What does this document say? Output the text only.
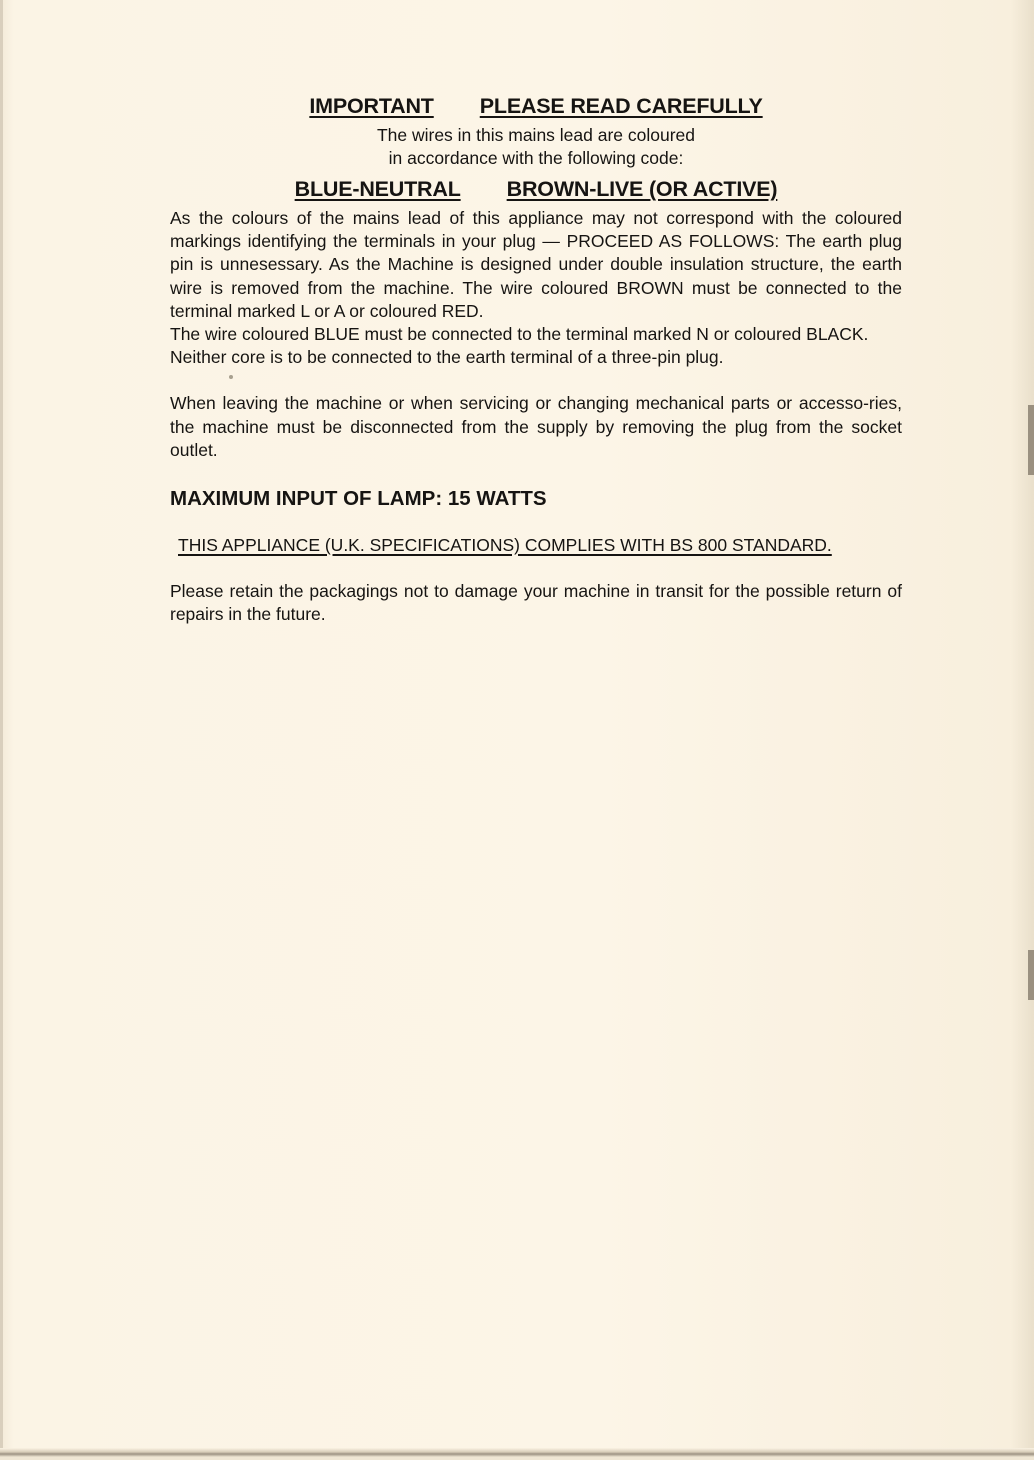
IMPORTANT PLEASE READ CAREFULLY
The wires in this mains lead are coloured
in accordance with the following code:
BLUE-NEUTRAL BROWN-LIVE (OR ACTIVE)

As the colours of the mains lead of this appliance may not correspond with the coloured markings identifying the terminals in your plug — PROCEED AS FOLLOWS: The earth plug pin is unnesessary. As the Machine is designed under double insulation structure, the earth wire is removed from the machine. The wire coloured BROWN must be connected to the terminal marked L or A or coloured RED.

The wire coloured BLUE must be connected to the terminal marked N or coloured BLACK. Neither core is to be connected to the earth terminal of a three-pin plug.

When leaving the machine or when servicing or changing mechanical parts or accesso-ries, the machine must be disconnected from the supply by removing the plug from the socket outlet.

MAXIMUM INPUT OF LAMP: 15 WATTS
THIS APPLIANCE (U.K. SPECIFICATIONS) COMPLIES WITH BS 800 STANDARD.

Please retain the packagings not to damage your machine in transit for the possible return of repairs in the future.
